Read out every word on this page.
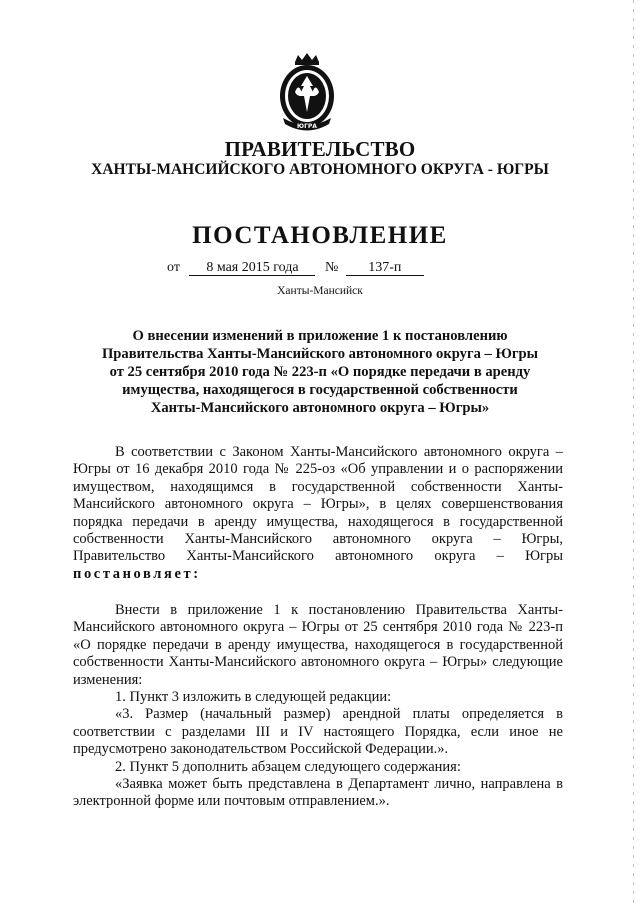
ЮГРА
ПРАВИТЕЛЬСТВО
ХАНТЫ-МАНСИЙСКОГО АВТОНОМНОГО ОКРУГА - ЮГРЫ
ПОСТАНОВЛЕНИЕ
от 8 мая 2015 года № 137-п
Ханты-Мансийск
О внесении изменений в приложение 1 к постановлению
Правительства Ханты-Мансийского автономного округа – Югры
от 25 сентября 2010 года № 223-п «О порядке передачи в аренду
имущества, находящегося в государственной собственности
Ханты-Мансийского автономного округа – Югры»
В соответствии с Законом Ханты-Мансийского автономного округа – Югры от 16 декабря 2010 года № 225-оз «Об управлении и о распоряжении имуществом, находящимся в государственной собственности Ханты-Мансийского автономного округа – Югры», в целях совершенствования порядка передачи в аренду имущества, находящегося в государственной собственности Ханты-Мансийского автономного округа – Югры, Правительство Ханты-Мансийского автономного округа – Югры постановляет:
Внести в приложение 1 к постановлению Правительства Ханты-Мансийского автономного округа – Югры от 25 сентября 2010 года № 223-п «О порядке передачи в аренду имущества, находящегося в государственной собственности Ханты-Мансийского автономного округа – Югры» следующие изменения:
1. Пункт 3 изложить в следующей редакции:
«3. Размер (начальный размер) арендной платы определяется в соответствии с разделами III и IV настоящего Порядка, если иное не предусмотрено законодательством Российской Федерации.».
2. Пункт 5 дополнить абзацем следующего содержания:
«Заявка может быть представлена в Департамент лично, направлена в электронной форме или почтовым отправлением.».
